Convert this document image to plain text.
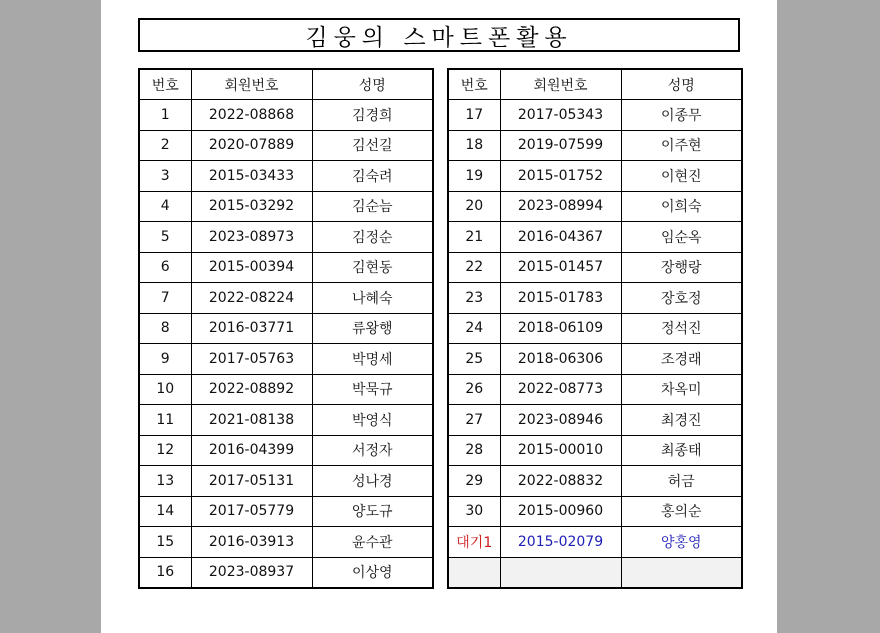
김웅의 스마트폰활용
번호	회원번호	성명
1	2022-08868	김경희
2	2020-07889	김선길
3	2015-03433	김숙려
4	2015-03292	김순늠
5	2023-08973	김정순
6	2015-00394	김현동
7	2022-08224	나혜숙
8	2016-03771	류왕행
9	2017-05763	박명세
10	2022-08892	박묵규
11	2021-08138	박영식
12	2016-04399	서정자
13	2017-05131	성나경
14	2017-05779	양도규
15	2016-03913	윤수관
16	2023-08937	이상영
번호	회원번호	성명
17	2017-05343	이종무
18	2019-07599	이주현
19	2015-01752	이현진
20	2023-08994	이희숙
21	2016-04367	임순옥
22	2015-01457	장행랑
23	2015-01783	장호정
24	2018-06109	정석진
25	2018-06306	조경래
26	2022-08773	차옥미
27	2023-08946	최경진
28	2015-00010	최종태
29	2022-08832	허금
30	2015-00960	홍의순
대기1	2015-02079	양홍영
